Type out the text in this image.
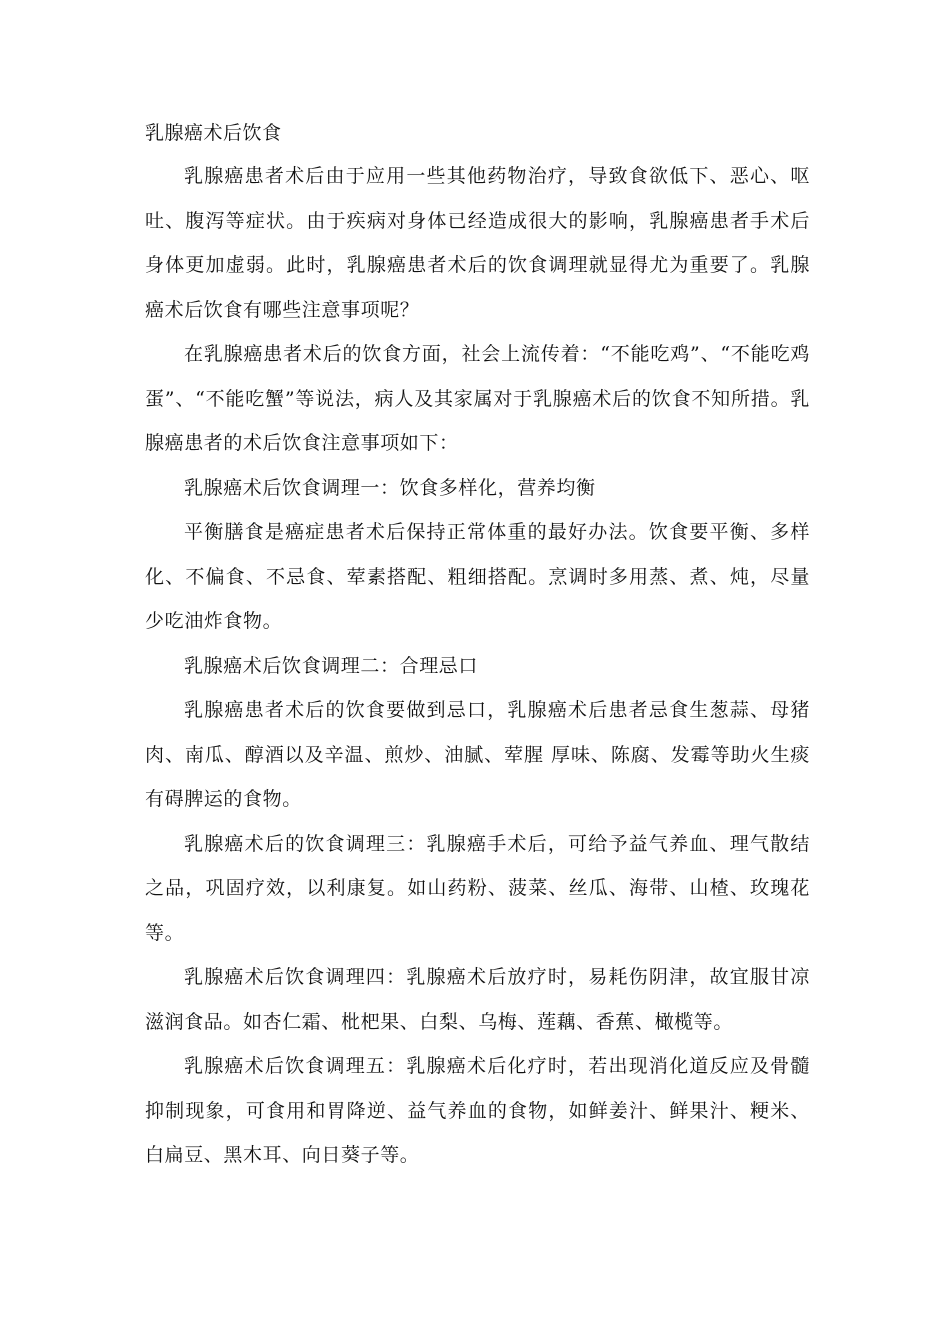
乳腺癌术后饮食

乳腺癌患者术后由于应用一些其他药物治疗，导致食欲低下、恶心、呕吐、腹泻等症状。由于疾病对身体已经造成很大的影响，乳腺癌患者手术后身体更加虚弱。此时，乳腺癌患者术后的饮食调理就显得尤为重要了。乳腺癌术后饮食有哪些注意事项呢？

在乳腺癌患者术后的饮食方面，社会上流传着：“不能吃鸡”、“不能吃鸡蛋”、“不能吃蟹”等说法，病人及其家属对于乳腺癌术后的饮食不知所措。乳腺癌患者的术后饮食注意事项如下：

乳腺癌术后饮食调理一：饮食多样化，营养均衡

平衡膳食是癌症患者术后保持正常体重的最好办法。饮食要平衡、多样化、不偏食、不忌食、荤素搭配、粗细搭配。烹调时多用蒸、煮、炖，尽量少吃油炸食物。

乳腺癌术后饮食调理二：合理忌口

乳腺癌患者术后的饮食要做到忌口，乳腺癌术后患者忌食生葱蒜、母猪肉、南瓜、醇酒以及辛温、煎炒、油腻、荤腥 厚味、陈腐、发霉等助火生痰有碍脾运的食物。

乳腺癌术后的饮食调理三：乳腺癌手术后，可给予益气养血、理气散结之品，巩固疗效，以利康复。如山药粉、菠菜、丝瓜、海带、山楂、玫瑰花等。

乳腺癌术后饮食调理四：乳腺癌术后放疗时，易耗伤阴津，故宜服甘凉滋润食品。如杏仁霜、枇杷果、白梨、乌梅、莲藕、香蕉、橄榄等。

乳腺癌术后饮食调理五：乳腺癌术后化疗时，若出现消化道反应及骨髓抑制现象，可食用和胃降逆、益气养血的食物，如鲜姜汁、鲜果汁、粳米、白扁豆、黑木耳、向日葵子等。
